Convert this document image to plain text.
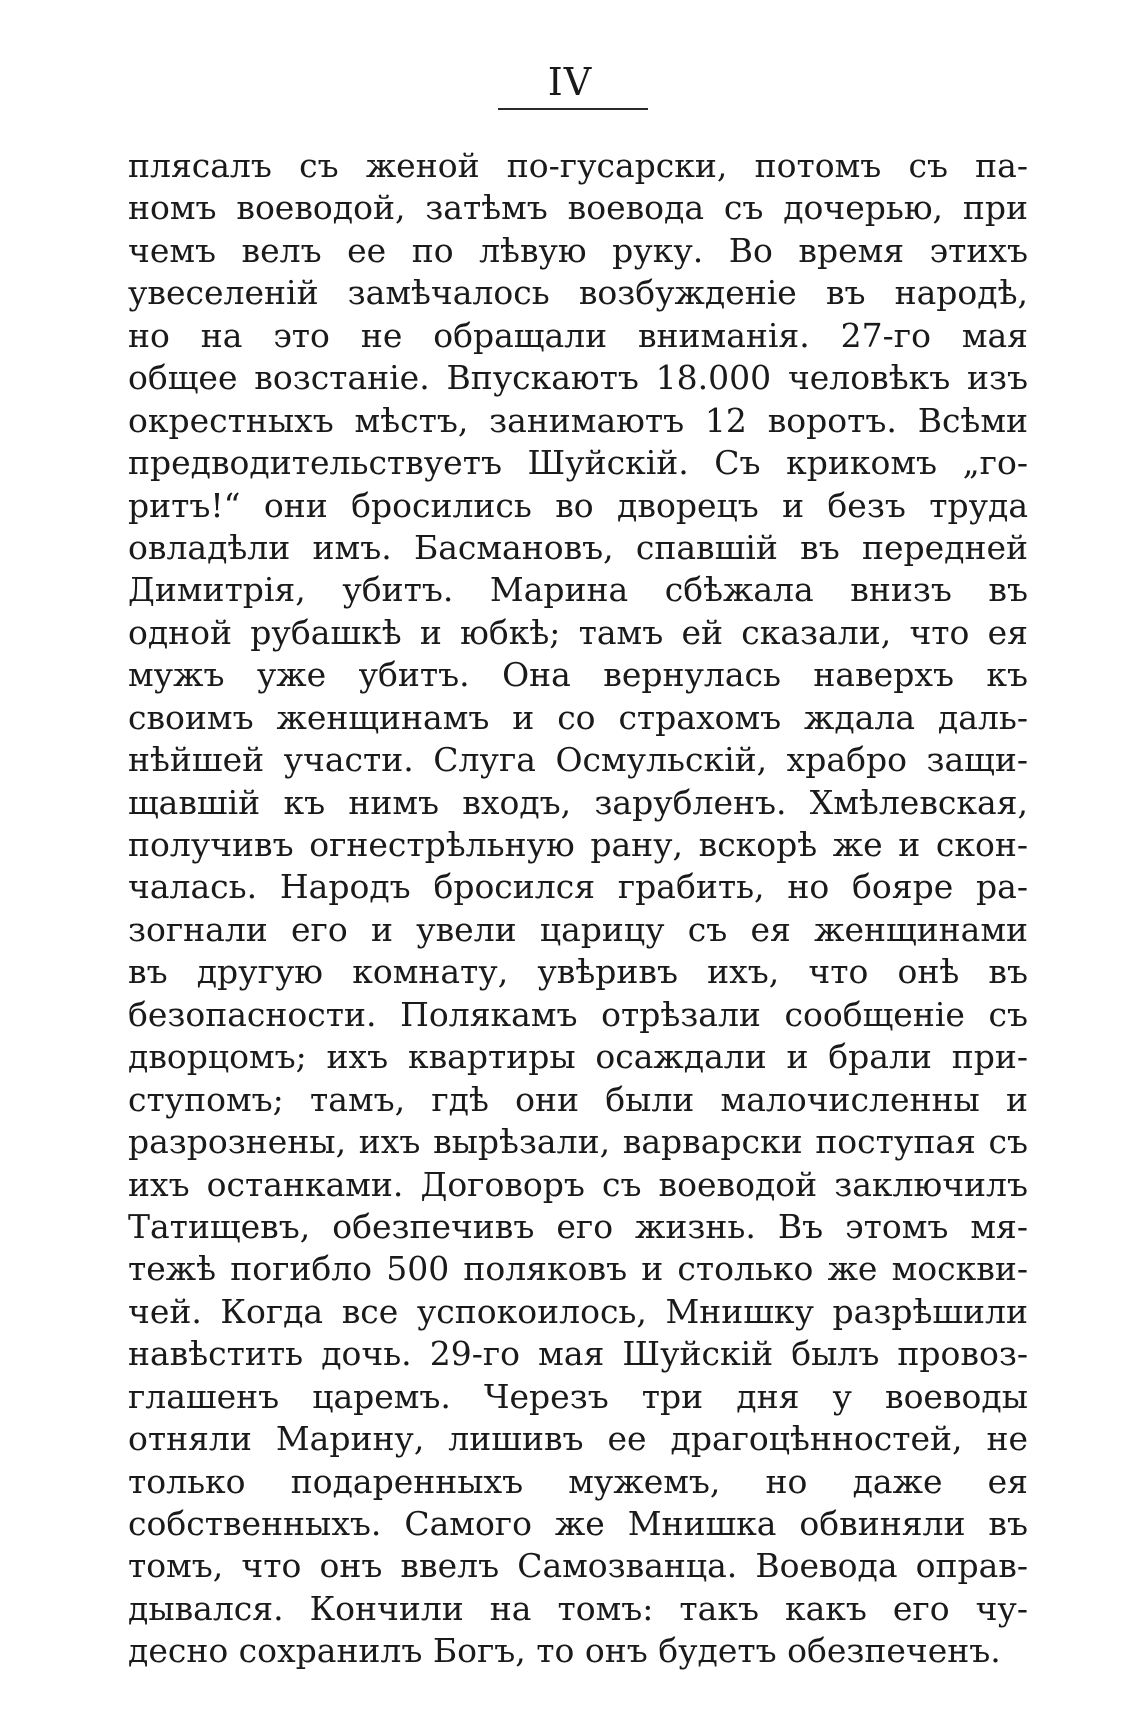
IV
плясалъ съ женой по-гусарски, потомъ съ па-
номъ воеводой, затѣмъ воевода съ дочерью, при
чемъ велъ ее по лѣвую руку. Во время этихъ
увеселеній замѣчалось возбужденіе въ народѣ,
но на это не обращали вниманія. 27-го мая
общее возстаніе. Впускаютъ 18.000 человѣкъ изъ
окрестныхъ мѣстъ, занимаютъ 12 воротъ. Всѣми
предводительствуетъ Шуйскій. Съ крикомъ „го-
ритъ!“ они бросились во дворецъ и безъ труда
овладѣли имъ. Басмановъ, спавшій въ передней
Димитрія, убитъ. Марина сбѣжала внизъ въ
одной рубашкѣ и юбкѣ; тамъ ей сказали, что ея
мужъ уже убитъ. Она вернулась наверхъ къ
своимъ женщинамъ и со страхомъ ждала даль-
нѣйшей участи. Слуга Осмульскій, храбро защи-
щавшій къ нимъ входъ, зарубленъ. Хмѣлевская,
получивъ огнестрѣльную рану, вскорѣ же и скон-
чалась. Народъ бросился грабить, но бояре ра-
зогнали его и увели царицу съ ея женщинами
въ другую комнату, увѣривъ ихъ, что онѣ въ
безопасности. Полякамъ отрѣзали сообщеніе съ
дворцомъ; ихъ квартиры осаждали и брали при-
ступомъ; тамъ, гдѣ они были малочисленны и
разрознены, ихъ вырѣзали, варварски поступая съ
ихъ останками. Договоръ съ воеводой заключилъ
Татищевъ, обезпечивъ его жизнь. Въ этомъ мя-
тежѣ погибло 500 поляковъ и столько же москви-
чей. Когда все успокоилось, Мнишку разрѣшили
навѣстить дочь. 29-го мая Шуйскій былъ провоз-
глашенъ царемъ. Черезъ три дня у воеводы
отняли Марину, лишивъ ее драгоцѣнностей, не
только подаренныхъ мужемъ, но даже ея
собственныхъ. Самого же Мнишка обвиняли въ
томъ, что онъ ввелъ Самозванца. Воевода оправ-
дывался. Кончили на томъ: такъ какъ его чу-
десно сохранилъ Богъ, то онъ будетъ обезпеченъ.
